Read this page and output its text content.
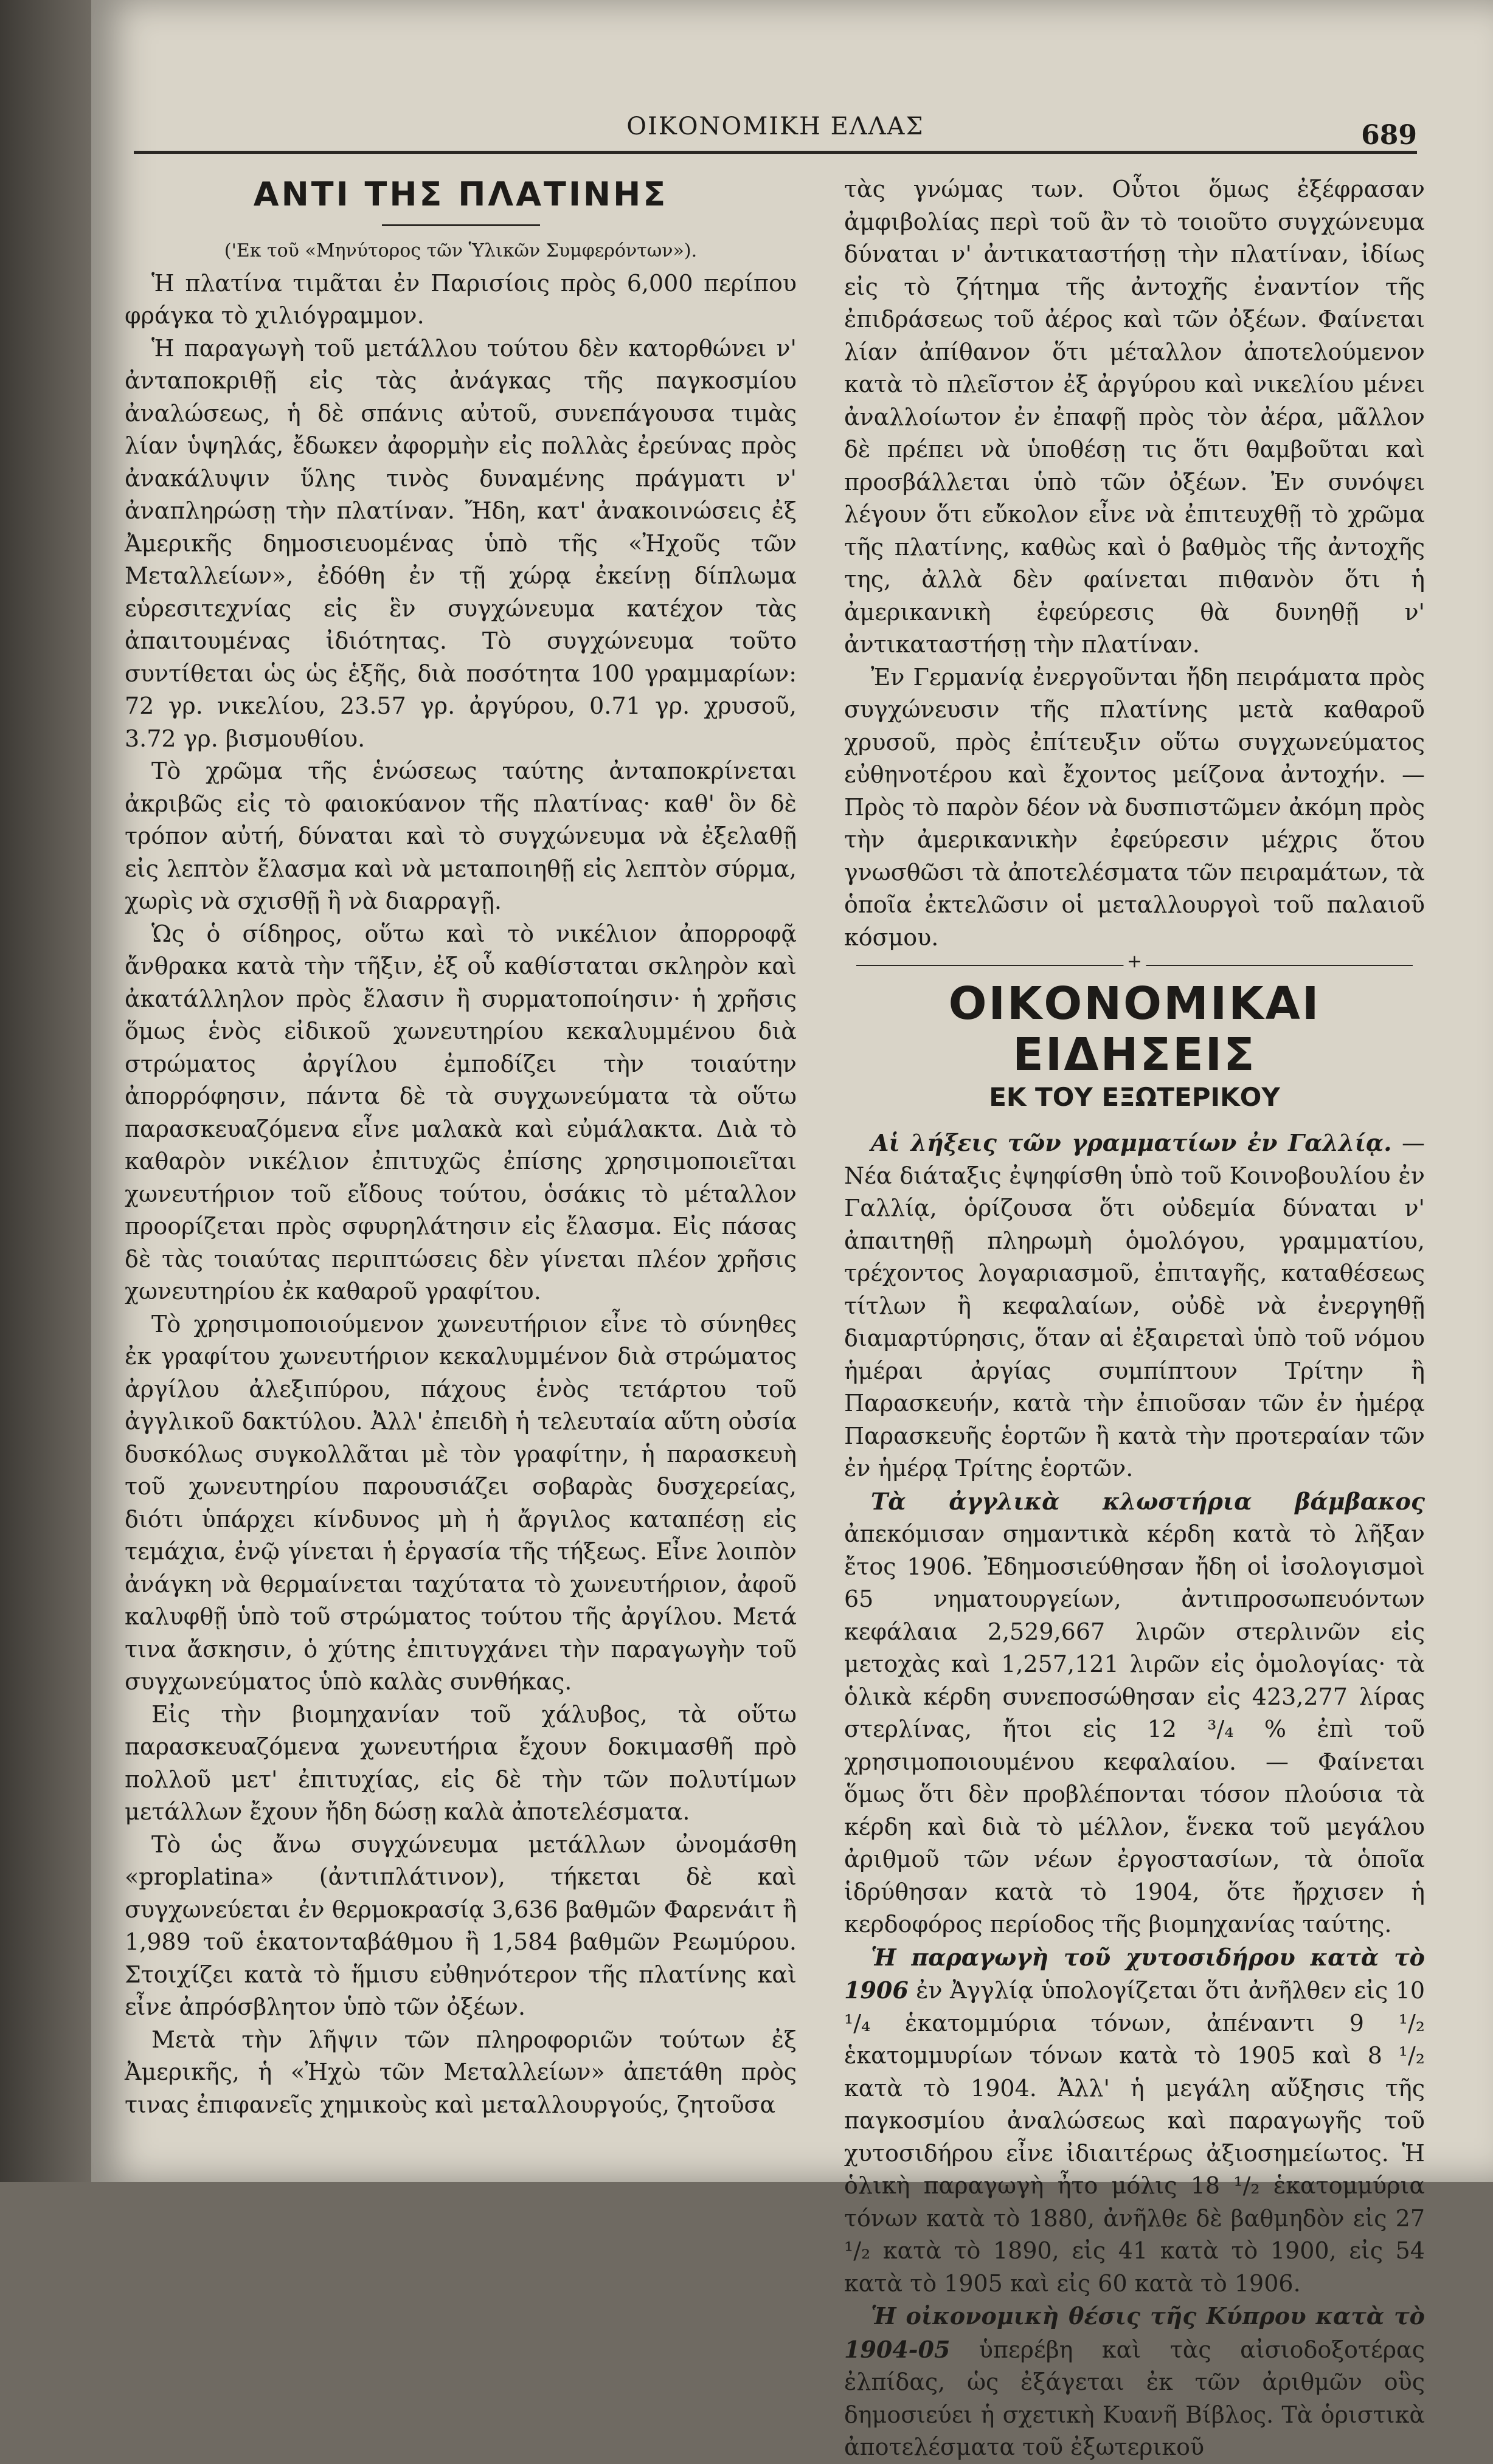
ΟΙΚΟΝΟΜΙΚΗ ΕΛΛΑΣ	689
ΑΝΤΙ ΤΗΣ ΠΛΑΤΙΝΗΣ

('Εκ τοῦ «Μηνύτορος τῶν Ὑλικῶν Συμφερόντων»).

Ἡ πλατίνα τιμᾶται ἐν Παρισίοις πρὸς 6,000 περίπου φράγκα τὸ χιλιόγραμμον.

Ἡ παραγωγὴ τοῦ μετάλλου τούτου δὲν κατορθώνει ν' ἀνταποκριθῇ εἰς τὰς ἀνάγκας τῆς παγκοσμίου ἀναλώσεως, ἡ δὲ σπάνις αὐτοῦ, συνεπάγουσα τιμὰς λίαν ὑψηλάς, ἔδωκεν ἀφορμὴν εἰς πολλὰς ἐρεύνας πρὸς ἀνακάλυψιν ὕλης τινὸς δυναμένης πράγματι ν' ἀναπληρώσῃ τὴν πλατίναν. Ἤδη, κατ' ἀνακοινώσεις ἐξ Ἀμερικῆς δημοσιευομένας ὑπὸ τῆς «Ἠχοῦς τῶν Μεταλλείων», ἐδόθη ἐν τῇ χώρᾳ ἐκείνῃ δίπλωμα εὑρεσιτεχνίας εἰς ἓν συγχώνευμα κατέχον τὰς ἀπαιτουμένας ἰδιότητας. Τὸ συγχώνευμα τοῦτο συντίθεται ὡς ὡς ἑξῆς, διὰ ποσότητα 100 γραμμαρίων: 72 γρ. νικελίου, 23.57 γρ. ἀργύρου, 0.71 γρ. χρυσοῦ, 3.72 γρ. βισμουθίου.

Τὸ χρῶμα τῆς ἑνώσεως ταύτης ἀνταποκρίνεται ἀκριβῶς εἰς τὸ φαιοκύανον τῆς πλατίνας· καθ' ὃν δὲ τρόπον αὐτή, δύναται καὶ τὸ συγχώνευμα νὰ ἐξελαθῇ εἰς λεπτὸν ἔλασμα καὶ νὰ μεταποιηθῇ εἰς λεπτὸν σύρμα, χωρὶς νὰ σχισθῇ ἢ νὰ διαρραγῇ.

Ὡς ὁ σίδηρος, οὕτω καὶ τὸ νικέλιον ἀπορροφᾷ ἄνθρακα κατὰ τὴν τῆξιν, ἐξ οὗ καθίσταται σκληρὸν καὶ ἀκατάλληλον πρὸς ἔλασιν ἢ συρματοποίησιν· ἡ χρῆσις ὅμως ἑνὸς εἰδικοῦ χωνευτηρίου κεκαλυμμένου διὰ στρώματος ἀργίλου ἐμποδίζει τὴν τοιαύτην ἀπορρόφησιν, πάντα δὲ τὰ συγχωνεύματα τὰ οὕτω παρασκευαζόμενα εἶνε μαλακὰ καὶ εὐμάλακτα. Διὰ τὸ καθαρὸν νικέλιον ἐπιτυχῶς ἐπίσης χρησιμοποιεῖται χωνευτήριον τοῦ εἴδους τούτου, ὁσάκις τὸ μέταλλον προορίζεται πρὸς σφυρηλάτησιν εἰς ἔλασμα. Εἰς πάσας δὲ τὰς τοιαύτας περιπτώσεις δὲν γίνεται πλέον χρῆσις χωνευτηρίου ἐκ καθαροῦ γραφίτου.

Τὸ χρησιμοποιούμενον χωνευτήριον εἶνε τὸ σύνηθες ἐκ γραφίτου χωνευτήριον κεκαλυμμένον διὰ στρώματος ἀργίλου ἀλεξιπύρου, πάχους ἑνὸς τετάρτου τοῦ ἀγγλικοῦ δακτύλου. Ἀλλ' ἐπειδὴ ἡ τελευταία αὕτη οὐσία δυσκόλως συγκολλᾶται μὲ τὸν γραφίτην, ἡ παρασκευὴ τοῦ χωνευτηρίου παρουσιάζει σοβαρὰς δυσχερείας, διότι ὑπάρχει κίνδυνος μὴ ἡ ἄργιλος καταπέσῃ εἰς τεμάχια, ἐνῷ γίνεται ἡ ἐργασία τῆς τήξεως. Εἶνε λοιπὸν ἀνάγκη νὰ θερμαίνεται ταχύτατα τὸ χωνευτήριον, ἀφοῦ καλυφθῇ ὑπὸ τοῦ στρώματος τούτου τῆς ἀργίλου. Μετά τινα ἄσκησιν, ὁ χύτης ἐπιτυγχάνει τὴν παραγωγὴν τοῦ συγχωνεύματος ὑπὸ καλὰς συνθήκας.

Εἰς τὴν βιομηχανίαν τοῦ χάλυβος, τὰ οὕτω παρασκευαζόμενα χωνευτήρια ἔχουν δοκιμασθῆ πρὸ πολλοῦ μετ' ἐπιτυχίας, εἰς δὲ τὴν τῶν πολυτίμων μετάλλων ἔχουν ἤδη δώσῃ καλὰ ἀποτελέσματα.

Τὸ ὡς ἄνω συγχώνευμα μετάλλων ὠνομάσθη «proplatina» (ἀντιπλάτινον), τήκεται δὲ καὶ συγχωνεύεται ἐν θερμοκρασίᾳ 3,636 βαθμῶν Φαρενάιτ ἢ 1,989 τοῦ ἑκατονταβάθμου ἢ 1,584 βαθμῶν Ρεωμύρου. Στοιχίζει κατὰ τὸ ἥμισυ εὐθηνότερον τῆς πλατίνης καὶ εἶνε ἀπρόσβλητον ὑπὸ τῶν ὀξέων.

Μετὰ τὴν λῆψιν τῶν πληροφοριῶν τούτων ἐξ Ἀμερικῆς, ἡ «Ἠχὼ τῶν Μεταλλείων» ἀπετάθη πρὸς τινας ἐπιφανεῖς χημικοὺς καὶ μεταλλουργούς, ζητοῦσα

τὰς γνώμας των. Οὗτοι ὅμως ἐξέφρασαν ἀμφιβολίας περὶ τοῦ ἂν τὸ τοιοῦτο συγχώνευμα δύναται ν' ἀντικαταστήσῃ τὴν πλατίναν, ἰδίως εἰς τὸ ζήτημα τῆς ἀντοχῆς ἐναντίον τῆς ἐπιδράσεως τοῦ ἀέρος καὶ τῶν ὀξέων. Φαίνεται λίαν ἀπίθανον ὅτι μέταλλον ἀποτελούμενον κατὰ τὸ πλεῖστον ἐξ ἀργύρου καὶ νικελίου μένει ἀναλλοίωτον ἐν ἐπαφῇ πρὸς τὸν ἀέρα, μᾶλλον δὲ πρέπει νὰ ὑποθέσῃ τις ὅτι θαμβοῦται καὶ προσβάλλεται ὑπὸ τῶν ὀξέων. Ἐν συνόψει λέγουν ὅτι εὔκολον εἶνε νὰ ἐπιτευχθῇ τὸ χρῶμα τῆς πλατίνης, καθὼς καὶ ὁ βαθμὸς τῆς ἀντοχῆς της, ἀλλὰ δὲν φαίνεται πιθανὸν ὅτι ἡ ἀμερικανικὴ ἐφεύρεσις θὰ δυνηθῇ ν' ἀντικαταστήσῃ τὴν πλατίναν.

Ἐν Γερμανίᾳ ἐνεργοῦνται ἤδη πειράματα πρὸς συγχώνευσιν τῆς πλατίνης μετὰ καθαροῦ χρυσοῦ, πρὸς ἐπίτευξιν οὕτω συγχωνεύματος εὐθηνοτέρου καὶ ἔχοντος μείζονα ἀντοχήν. — Πρὸς τὸ παρὸν δέον νὰ δυσπιστῶμεν ἀκόμη πρὸς τὴν ἀμερικανικὴν ἐφεύρεσιν μέχρις ὅτου γνωσθῶσι τὰ ἀποτελέσματα τῶν πειραμάτων, τὰ ὁποῖα ἐκτελῶσιν οἱ μεταλλουργοὶ τοῦ παλαιοῦ κόσμου.

+
ΟΙΚΟΝΟΜΙΚΑΙ ΕΙΔΗΣΕΙΣ
ΕΚ ΤΟΥ ΕΞΩΤΕΡΙΚΟΥ

Αἱ λήξεις τῶν γραμματίων ἐν Γαλλίᾳ. — Νέα διάταξις ἐψηφίσθη ὑπὸ τοῦ Κοινοβουλίου ἐν Γαλλίᾳ, ὁρίζουσα ὅτι οὐδεμία δύναται ν' ἀπαιτηθῇ πληρωμὴ ὁμολόγου, γραμματίου, τρέχοντος λογαριασμοῦ, ἐπιταγῆς, καταθέσεως τίτλων ἢ κεφαλαίων, οὐδὲ νὰ ἐνεργηθῇ διαμαρτύρησις, ὅταν αἱ ἐξαιρεταὶ ὑπὸ τοῦ νόμου ἡμέραι ἀργίας συμπίπτουν Τρίτην ἢ Παρασκευήν, κατὰ τὴν ἐπιοῦσαν τῶν ἐν ἡμέρᾳ Παρασκευῆς ἑορτῶν ἢ κατὰ τὴν προτεραίαν τῶν ἐν ἡμέρᾳ Τρίτης ἑορτῶν.

Τὰ ἀγγλικὰ κλωστήρια βάμβακος ἀπεκόμισαν σημαντικὰ κέρδη κατὰ τὸ λῆξαν ἔτος 1906. Ἐδημοσιεύθησαν ἤδη οἱ ἰσολογισμοὶ 65 νηματουργείων, ἀντιπροσωπευόντων κεφάλαια 2,529,667 λιρῶν στερλινῶν εἰς μετοχὰς καὶ 1,257,121 λιρῶν εἰς ὁμολογίας· τὰ ὁλικὰ κέρδη συνεποσώθησαν εἰς 423,277 λίρας στερλίνας, ἤτοι εἰς 12 ³/₄ % ἐπὶ τοῦ χρησιμοποιουμένου κεφαλαίου. — Φαίνεται ὅμως ὅτι δὲν προβλέπονται τόσον πλούσια τὰ κέρδη καὶ διὰ τὸ μέλλον, ἕνεκα τοῦ μεγάλου ἀριθμοῦ τῶν νέων ἐργοστασίων, τὰ ὁποῖα ἱδρύθησαν κατὰ τὸ 1904, ὅτε ἤρχισεν ἡ κερδοφόρος περίοδος τῆς βιομηχανίας ταύτης.

Ἡ παραγωγὴ τοῦ χυτοσιδήρου κατὰ τὸ 1906 ἐν Ἀγγλίᾳ ὑπολογίζεται ὅτι ἀνῆλθεν εἰς 10 ¹/₄ ἑκατομμύρια τόνων, ἀπέναντι 9 ¹/₂ ἑκατομμυρίων τόνων κατὰ τὸ 1905 καὶ 8 ¹/₂ κατὰ τὸ 1904. Ἀλλ' ἡ μεγάλη αὔξησις τῆς παγκοσμίου ἀναλώσεως καὶ παραγωγῆς τοῦ χυτοσιδήρου εἶνε ἰδιαιτέρως ἀξιοσημείωτος. Ἡ ὁλικὴ παραγωγὴ ἦτο μόλις 18 ¹/₂ ἑκατομμύρια τόνων κατὰ τὸ 1880, ἀνῆλθε δὲ βαθμηδὸν εἰς 27 ¹/₂ κατὰ τὸ 1890, εἰς 41 κατὰ τὸ 1900, εἰς 54 κατὰ τὸ 1905 καὶ εἰς 60 κατὰ τὸ 1906.

Ἡ οἰκονομικὴ θέσις τῆς Κύπρου κατὰ τὸ 1904-05 ὑπερέβη καὶ τὰς αἰσιοδοξοτέρας ἐλπίδας, ὡς ἐξάγεται ἐκ τῶν ἀριθμῶν οὓς δημοσιεύει ἡ σχετικὴ Κυανῆ Βίβλος. Τὰ ὁριστικὰ ἀποτελέσματα τοῦ ἐξωτερικοῦ
